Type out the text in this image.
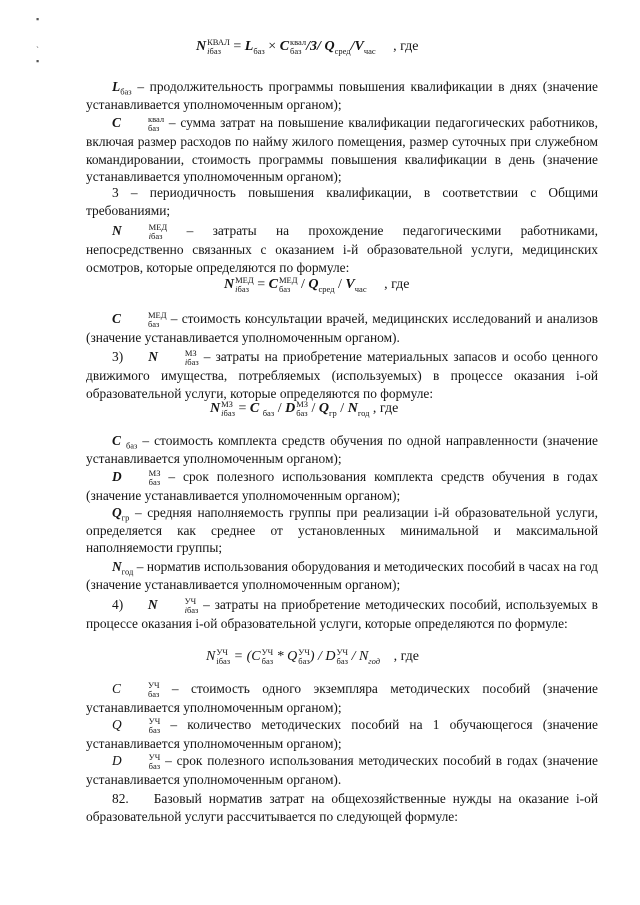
▪
ˎ
▪
N КВАЛ
iбаз = $L_{баз} \times C$ квал
баз /3/ $Q_{сред}/V_{час}$ , где
$L_{баз}$ – продолжительность программы повышения квалификации в днях (значение устанавливается уполномоченным органом);
C	квал
баз – сумма затрат на повышение квалификации педагогических работников, включая размер расходов по найму жилого помещения, размер суточных при служебном командировании, стоимость программы повышения квалификации в день (значение устанавливается уполномоченным органом);
3 – периодичность повышения квалификации, в соответствии с Общими требованиями;
N	МЕД
iбаз	– затраты на прохождение педагогическими работниками, непосредственно связанных с оказанием i-й образовательной услуги, медицинских осмотров, которые определяются по формуле:
N МЕД
iбаз = C МЕД
баз / $Q_{сред} / V_{час}$ , где
C	МЕД
баз – стоимость консультации врачей, медицинских исследований и анализов (значение устанавливается уполномоченным органом).
3) N	МЗ
iбаз – затраты на приобретение материальных запасов и особо ценного движимого имущества, потребляемых (используемых) в процессе оказания i-ой образовательной услуги, которые определяются по формуле:
N МЗ
iбаз = C $_{баз}$ / D МЗ
баз / $Q_{гр} / N_{год}$ , где
C $_{баз}$ – стоимость комплекта средств обучения по одной направленности (значение устанавливается уполномоченным органом);
D	МЗ
баз – срок полезного использования комплекта средств обучения в годах (значение устанавливается уполномоченным органом);
$Q_{гр}$ – средняя наполняемость группы при реализации i-й образовательной услуги, определяется как среднее от установленных минимальной и максимальной наполняемости группы;
$N_{год}$ – норматив использования оборудования и методических пособий в часах на год (значение устанавливается уполномоченным органом);
4) N	УЧ
iбаз – затраты на приобретение методических пособий, используемых в процессе оказания i-ой образовательной услуги, которые определяются по формуле:
N УЧ
iбаз = (C УЧ
баз * Q УЧ
баз ) / D УЧ
баз / $N_{год}$ , где
C	УЧ
баз – стоимость одного экземпляра методических пособий (значение устанавливается уполномоченным органом);
Q	УЧ
баз – количество методических пособий на 1 обучающегося (значение устанавливается уполномоченным органом);
D	УЧ
баз – срок полезного использования методических пособий в годах (значение устанавливается уполномоченным органом).
82. Базовый норматив затрат на общехозяйственные нужды на оказание i-ой образовательной услуги рассчитывается по следующей формуле:
